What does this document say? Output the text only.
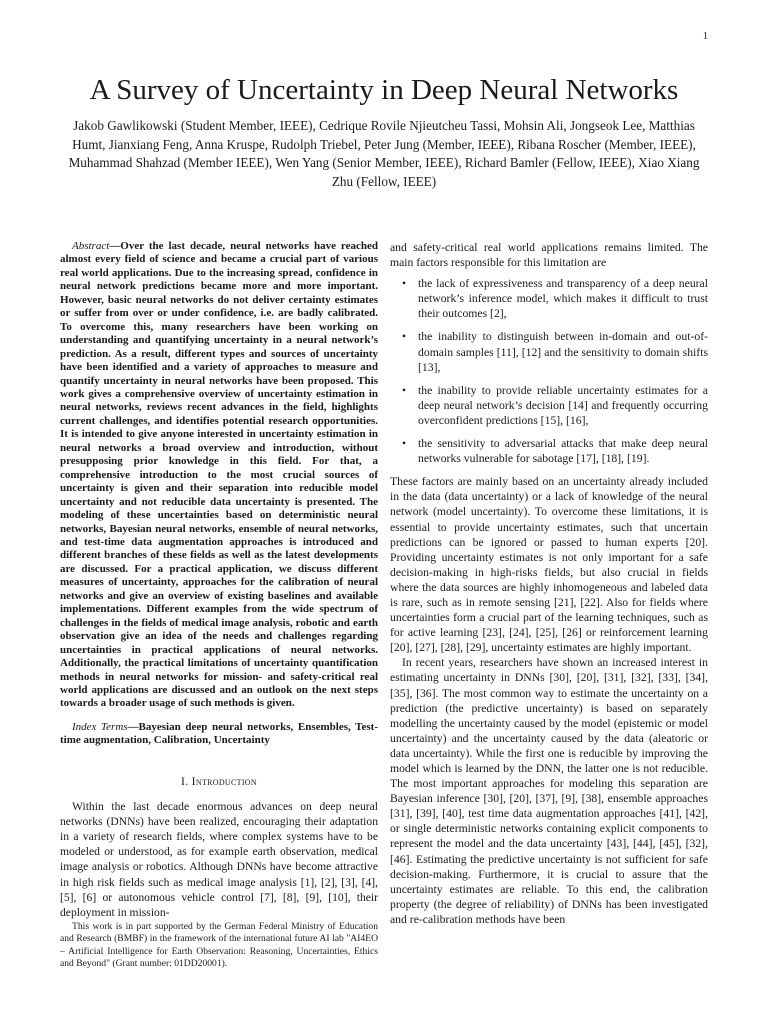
1
A Survey of Uncertainty in Deep Neural Networks
Jakob Gawlikowski (Student Member, IEEE), Cedrique Rovile Njieutcheu Tassi, Mohsin Ali, Jongseok Lee, Matthias Humt, Jianxiang Feng, Anna Kruspe, Rudolph Triebel, Peter Jung (Member, IEEE), Ribana Roscher (Member, IEEE), Muhammad Shahzad (Member IEEE), Wen Yang (Senior Member, IEEE), Richard Bamler (Fellow, IEEE), Xiao Xiang Zhu (Fellow, IEEE)

Abstract—Over the last decade, neural networks have reached almost every field of science and became a crucial part of various real world applications. Due to the increasing spread, confidence in neural network predictions became more and more important. However, basic neural networks do not deliver certainty estimates or suffer from over or under confidence, i.e. are badly calibrated. To overcome this, many researchers have been working on understanding and quantifying uncertainty in a neural network’s prediction. As a result, different types and sources of uncertainty have been identified and a variety of approaches to measure and quantify uncertainty in neural networks have been proposed. This work gives a comprehensive overview of uncertainty estimation in neural networks, reviews recent advances in the field, highlights current challenges, and identifies potential research opportunities. It is intended to give anyone interested in uncertainty estimation in neural networks a broad overview and introduction, without presupposing prior knowledge in this field. For that, a comprehensive introduction to the most crucial sources of uncertainty is given and their separation into reducible model uncertainty and not reducible data uncertainty is presented. The modeling of these uncertainties based on deterministic neural networks, Bayesian neural networks, ensemble of neural networks, and test-time data augmentation approaches is introduced and different branches of these fields as well as the latest developments are discussed. For a practical application, we discuss different measures of uncertainty, approaches for the calibration of neural networks and give an overview of existing baselines and available implementations. Different examples from the wide spectrum of challenges in the fields of medical image analysis, robotic and earth observation give an idea of the needs and challenges regarding uncertainties in practical applications of neural networks. Additionally, the practical limitations of uncertainty quantification methods in neural networks for mission- and safety-critical real world applications are discussed and an outlook on the next steps towards a broader usage of such methods is given.

Index Terms—Bayesian deep neural networks, Ensembles, Test-time augmentation, Calibration, Uncertainty

I. Introduction

Within the last decade enormous advances on deep neural networks (DNNs) have been realized, encouraging their adaptation in a variety of research fields, where complex systems have to be modeled or understood, as for example earth observation, medical image analysis or robotics. Although DNNs have become attractive in high risk fields such as medical image analysis [1], [2], [3], [4], [5], [6] or autonomous vehicle control [7], [8], [9], [10], their deployment in mission-

This work is in part supported by the German Federal Ministry of Education and Research (BMBF) in the framework of the international future AI lab "AI4EO – Artificial Intelligence for Earth Observation: Reasoning, Uncertainties, Ethics and Beyond" (Grant number: 01DD20001).

and safety-critical real world applications remains limited. The main factors responsible for this limitation are

• the lack of expressiveness and transparency of a deep neural network’s inference model, which makes it difficult to trust their outcomes [2],
• the inability to distinguish between in-domain and out-of-domain samples [11], [12] and the sensitivity to domain shifts [13],
• the inability to provide reliable uncertainty estimates for a deep neural network’s decision [14] and frequently occurring overconfident predictions [15], [16],
• the sensitivity to adversarial attacks that make deep neural networks vulnerable for sabotage [17], [18], [19].

These factors are mainly based on an uncertainty already included in the data (data uncertainty) or a lack of knowledge of the neural network (model uncertainty). To overcome these limitations, it is essential to provide uncertainty estimates, such that uncertain predictions can be ignored or passed to human experts [20]. Providing uncertainty estimates is not only important for a safe decision-making in high-risks fields, but also crucial in fields where the data sources are highly inhomogeneous and labeled data is rare, such as in remote sensing [21], [22]. Also for fields where uncertainties form a crucial part of the learning techniques, such as for active learning [23], [24], [25], [26] or reinforcement learning [20], [27], [28], [29], uncertainty estimates are highly important.

In recent years, researchers have shown an increased interest in estimating uncertainty in DNNs [30], [20], [31], [32], [33], [34], [35], [36]. The most common way to estimate the uncertainty on a prediction (the predictive uncertainty) is based on separately modelling the uncertainty caused by the model (epistemic or model uncertainty) and the uncertainty caused by the data (aleatoric or data uncertainty). While the first one is reducible by improving the model which is learned by the DNN, the latter one is not reducible. The most important approaches for modeling this separation are Bayesian inference [30], [20], [37], [9], [38], ensemble approaches [31], [39], [40], test time data augmentation approaches [41], [42], or single deterministic networks containing explicit components to represent the model and the data uncertainty [43], [44], [45], [32], [46]. Estimating the predictive uncertainty is not sufficient for safe decision-making. Furthermore, it is crucial to assure that the uncertainty estimates are reliable. To this end, the calibration property (the degree of reliability) of DNNs has been investigated and re-calibration methods have been
